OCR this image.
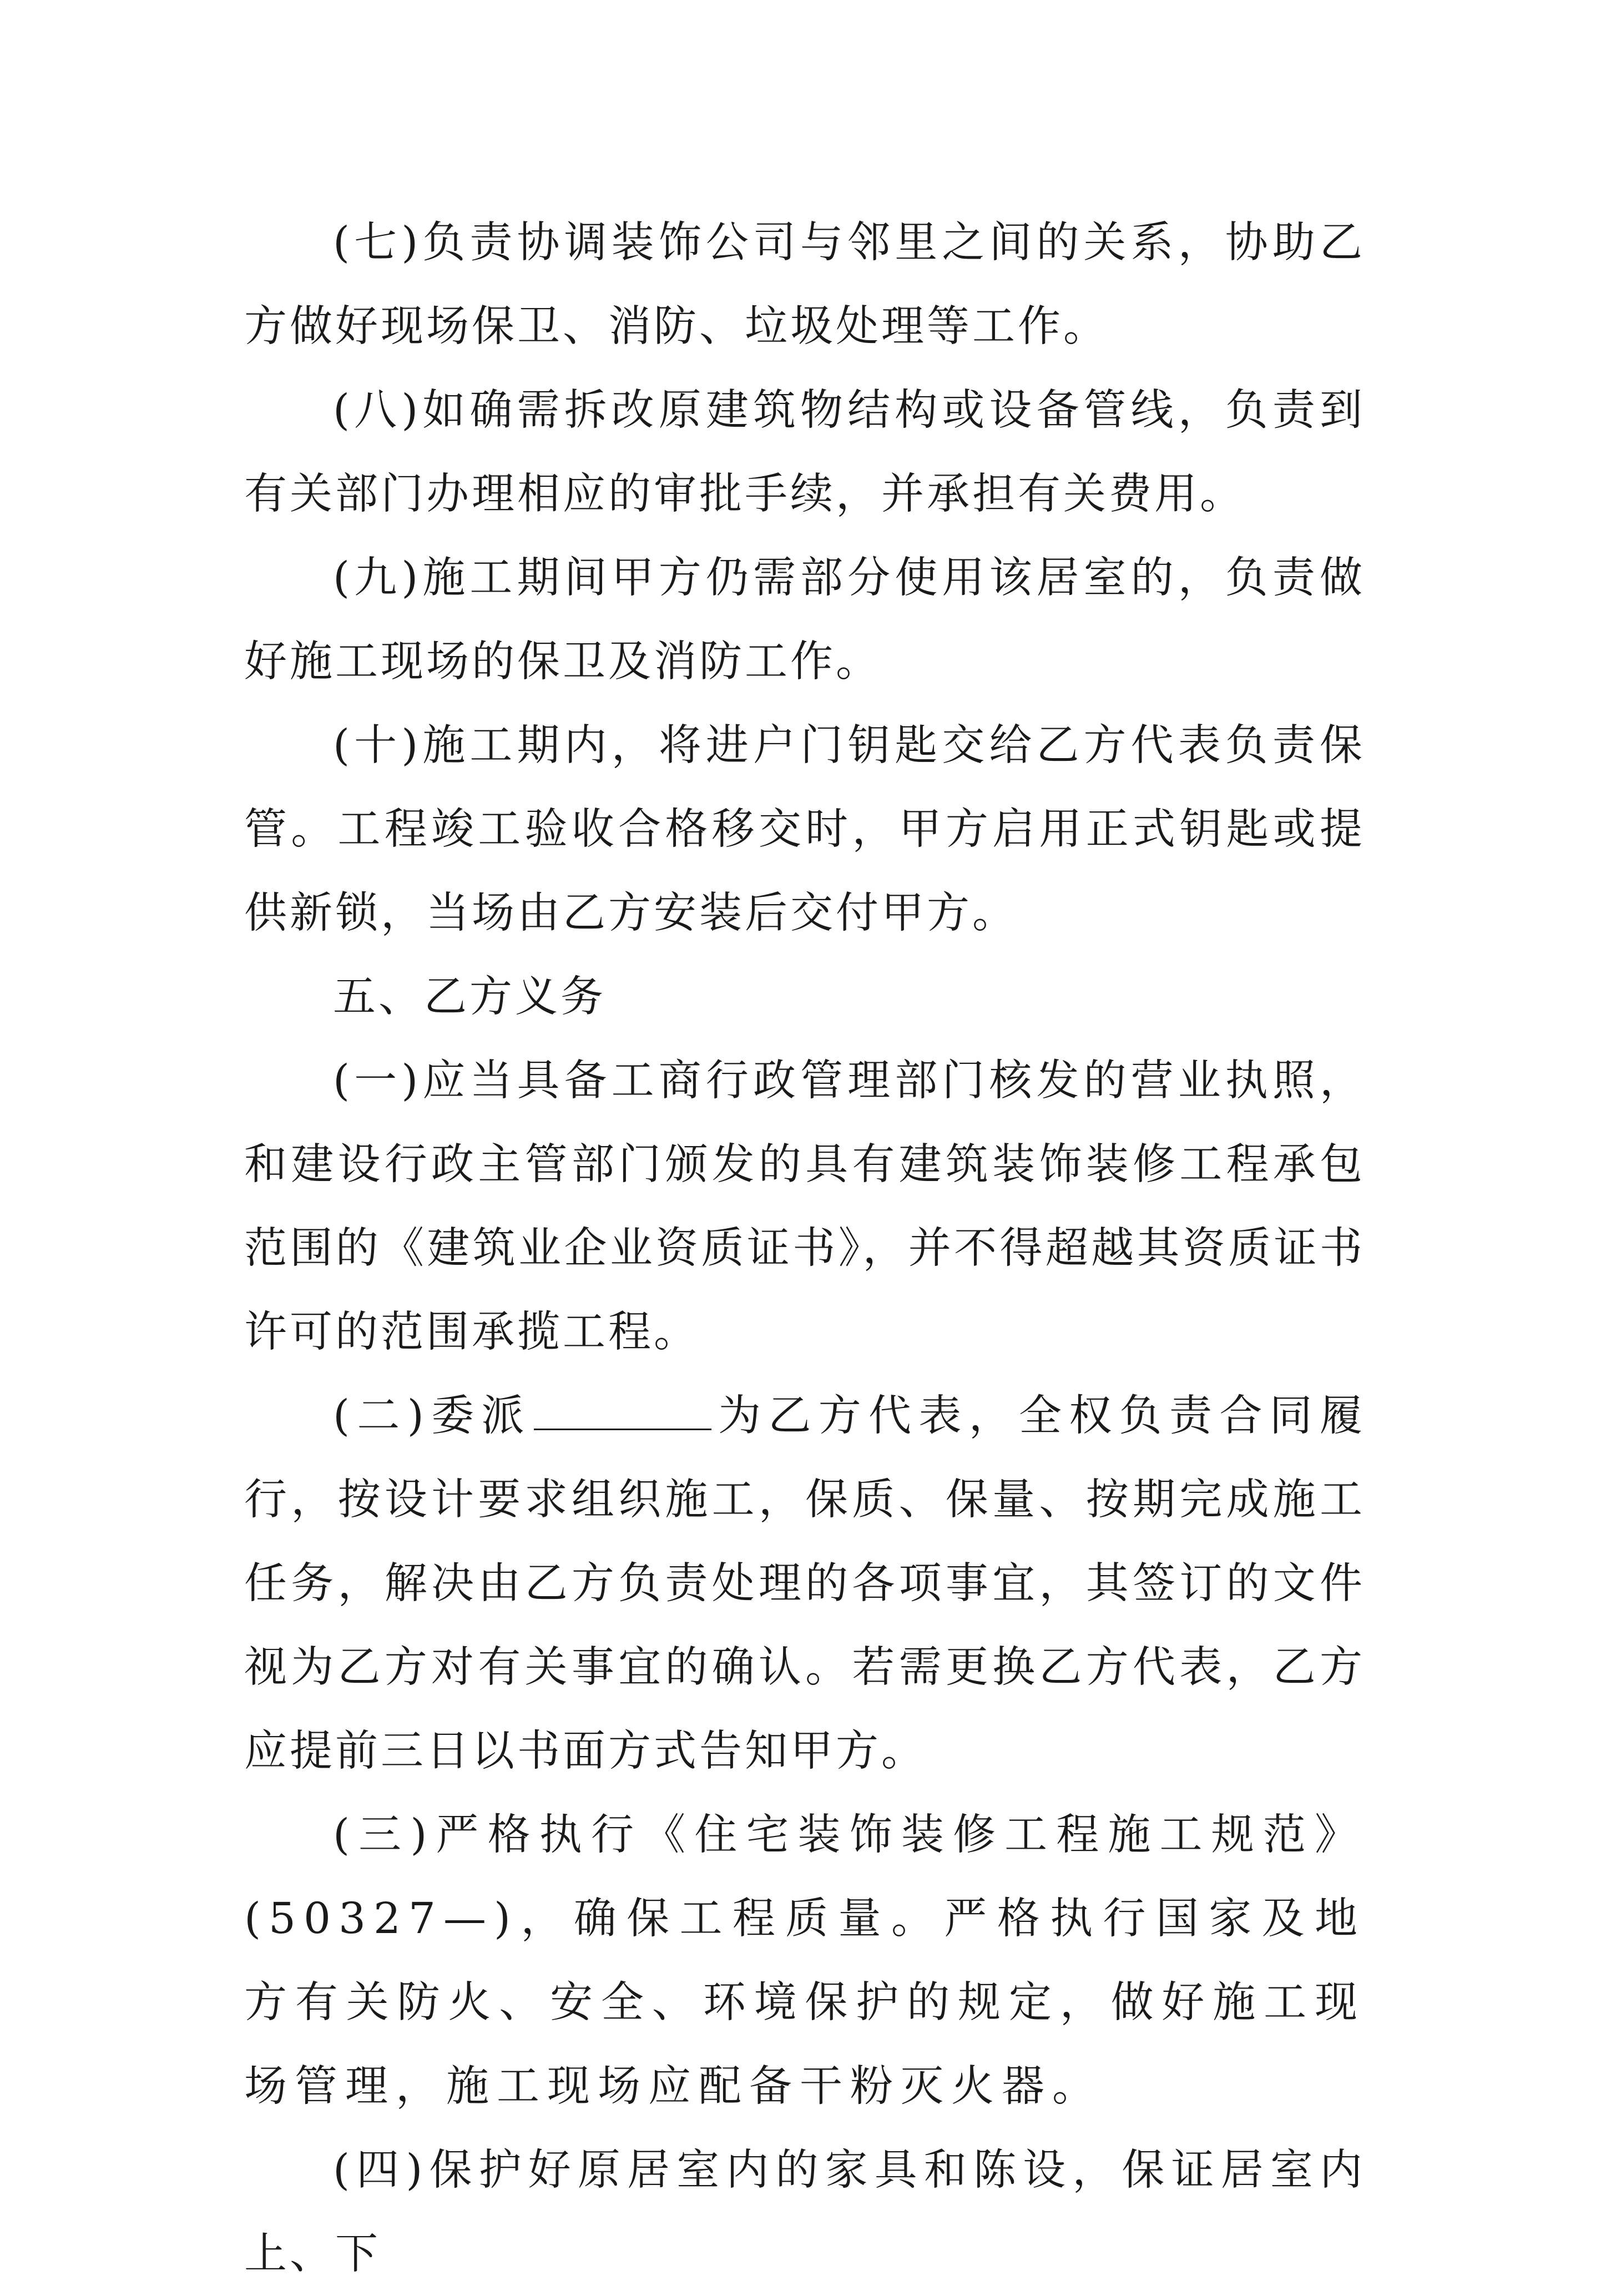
(七)负责协调装饰公司与邻里之间的关系，协助乙方做好现场保卫、消防、垃圾处理等工作。

(八)如确需拆改原建筑物结构或设备管线，负责到有关部门办理相应的审批手续，并承担有关费用。

(九)施工期间甲方仍需部分使用该居室的，负责做好施工现场的保卫及消防工作。

(十)施工期内，将进户门钥匙交给乙方代表负责保管。工程竣工验收合格移交时，甲方启用正式钥匙或提供新锁，当场由乙方安装后交付甲方。

五、乙方义务

(一)应当具备工商行政管理部门核发的营业执照，和建设行政主管部门颁发的具有建筑装饰装修工程承包范围的《建筑业企业资质证书》，并不得超越其资质证书许可的范围承揽工程。

(二)委派	为乙方代表，全权负责合同履行，按设计要求组织施工，保质、保量、按期完成施工任务，解决由乙方负责处理的各项事宜，其签订的文件视为乙方对有关事宜的确认。若需更换乙方代表，乙方应提前三日以书面方式告知甲方。

(三)严格执行《住宅装饰装修工程施工规范》(50327—)，确保工程质量。严格执行国家及地方有关防火、安全、环境保护的规定，做好施工现场管理，施工现场应配备干粉灭火器。

(四)保护好原居室内的家具和陈设，保证居室内上、下
